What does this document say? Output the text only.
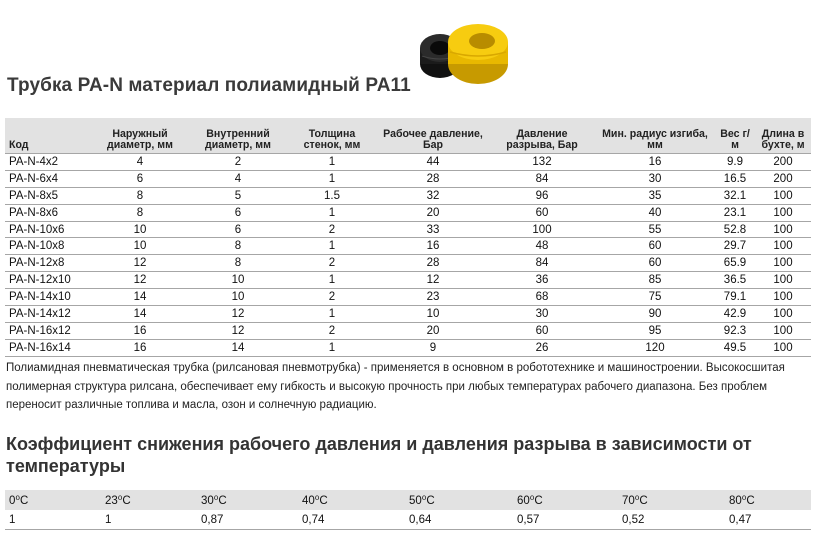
Трубка PA-N материал полиамидный PA11
Код	Наружный диаметр, мм	Внутренний диаметр, мм	Толщина стенок, мм	Рабочее давление, Бар	Давление разрыва, Бар	Мин. радиус изгиба, мм	Вес г/м	Длина в бухте, м
PA-N-4x2	4	2	1	44	132	16	9.9	200
PA-N-6x4	6	4	1	28	84	30	16.5	200
PA-N-8x5	8	5	1.5	32	96	35	32.1	100
PA-N-8x6	8	6	1	20	60	40	23.1	100
PA-N-10x6	10	6	2	33	100	55	52.8	100
PA-N-10x8	10	8	1	16	48	60	29.7	100
PA-N-12x8	12	8	2	28	84	60	65.9	100
PA-N-12x10	12	10	1	12	36	85	36.5	100
PA-N-14x10	14	10	2	23	68	75	79.1	100
PA-N-14x12	14	12	1	10	30	90	42.9	100
PA-N-16x12	16	12	2	20	60	95	92.3	100
PA-N-16x14	16	14	1	9	26	120	49.5	100

Полиамидная пневматическая трубка (рилсановая пневмотрубка) - применяется в основном в робототехнике и машиностроении. Высокосшитая полимерная структура рилсана, обеспечивает ему гибкость и высокую прочность при любых температурах рабочего диапазона. Без проблем переносит различные топлива и масла, озон и солнечную радиацию.

Коэффициент снижения рабочего давления и давления разрыва в зависимости от температуры
0⁰С	23⁰С	30⁰С	40⁰С	50⁰С	60⁰С	70⁰С	80⁰С
1	1	0,87	0,74	0,64	0,57	0,52	0,47
